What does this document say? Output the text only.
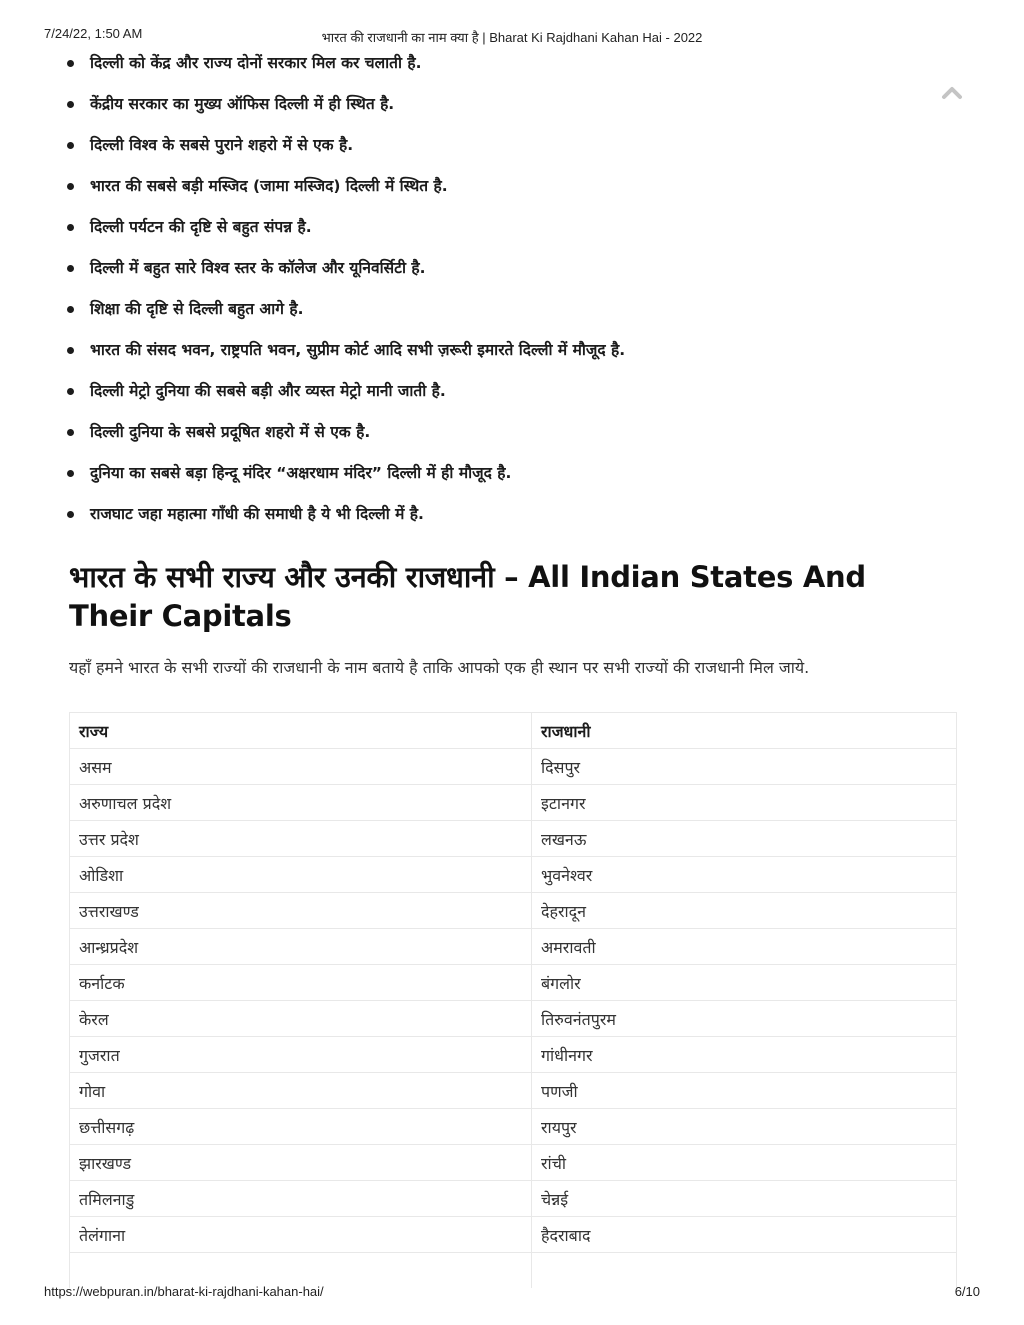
7/24/22, 1:50 AM	भारत की राजधानी का नाम क्या है | Bharat Ki Rajdhani Kahan Hai - 2022
दिल्ली को केंद्र और राज्य दोनों सरकार मिल कर चलाती है.
केंद्रीय सरकार का मुख्य ऑफिस दिल्ली में ही स्थित है.
दिल्ली विश्व के सबसे पुराने शहरो में से एक है.
भारत की सबसे बड़ी मस्जिद (जामा मस्जिद) दिल्ली में स्थित है.
दिल्ली पर्यटन की दृष्टि से बहुत संपन्न है.
दिल्ली में बहुत सारे विश्व स्तर के कॉलेज और यूनिवर्सिटी है.
शिक्षा की दृष्टि से दिल्ली बहुत आगे है.
भारत की संसद भवन, राष्ट्रपति भवन, सुप्रीम कोर्ट आदि सभी ज़रूरी इमारते दिल्ली में मौजूद है.
दिल्ली मेट्रो दुनिया की सबसे बड़ी और व्यस्त मेट्रो मानी जाती है.
दिल्ली दुनिया के सबसे प्रदूषित शहरो में से एक है.
दुनिया का सबसे बड़ा हिन्दू मंदिर “अक्षरधाम मंदिर” दिल्ली में ही मौजूद है.
राजघाट जहा महात्मा गाँधी की समाधी है ये भी दिल्ली में है.
भारत के सभी राज्य और उनकी राजधानी – All Indian States And Their Capitals

यहाँ हमने भारत के सभी राज्यों की राजधानी के नाम बताये है ताकि आपको एक ही स्थान पर सभी राज्यों की राजधानी मिल जाये.

राज्य	राजधानी
असम	दिसपुर
अरुणाचल प्रदेश	इटानगर
उत्तर प्रदेश	लखनऊ
ओडिशा	भुवनेश्वर
उत्तराखण्ड	देहरादून
आन्ध्रप्रदेश	अमरावती
कर्नाटक	बंगलोर
केरल	तिरुवनंतपुरम
गुजरात	गांधीनगर
गोवा	पणजी
छत्तीसगढ़	रायपुर
झारखण्ड	रांची
तमिलनाडु	चेन्नई
तेलंगाना	हैदराबाद

https://webpuran.in/bharat-ki-rajdhani-kahan-hai/	6/10
